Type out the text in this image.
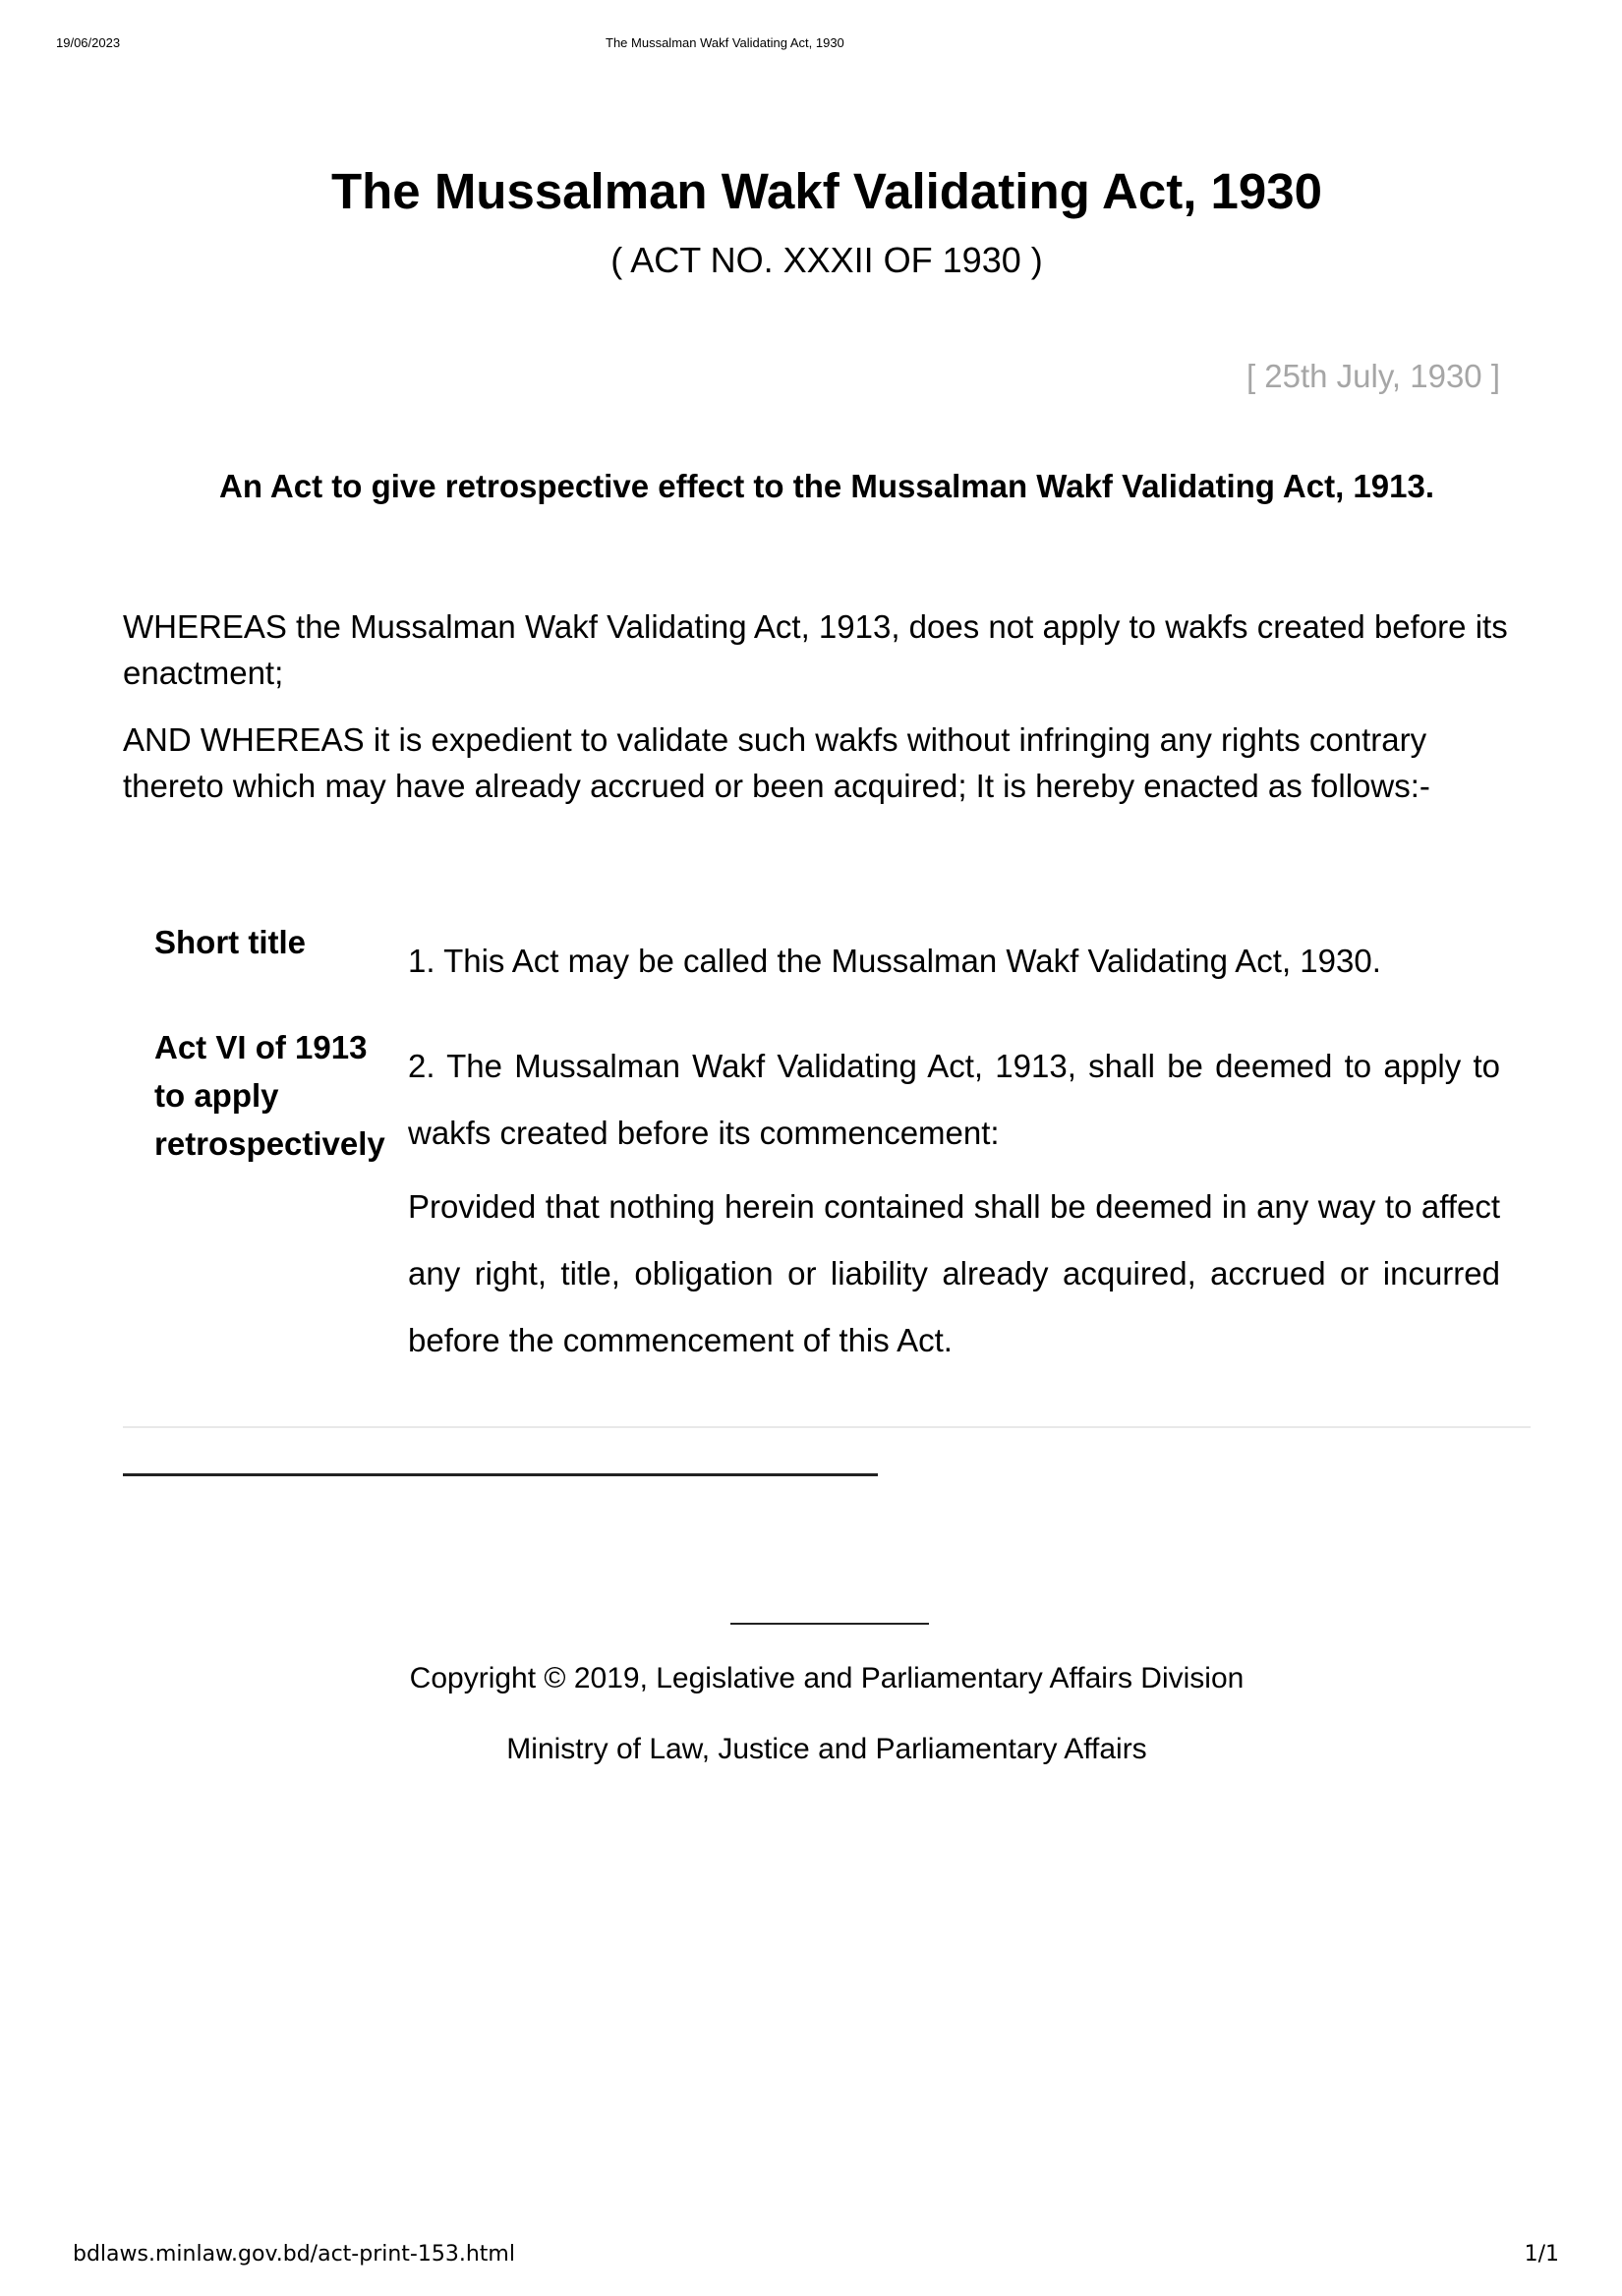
19/06/2023	The Mussalman Wakf Validating Act, 1930
The Mussalman Wakf Validating Act, 1930
( ACT NO. XXXII OF 1930 )
[ 25th July, 1930 ]
An Act to give retrospective effect to the Mussalman Wakf Validating Act, 1913.

WHEREAS the Mussalman Wakf Validating Act, 1913, does not apply to wakfs created before its enactment;

AND WHEREAS it is expedient to validate such wakfs without infringing any rights contrary thereto which may have already accrued or been acquired; It is hereby enacted as follows:-

Short title

1. This Act may be called the Mussalman Wakf Validating Act, 1930.

Act VI of 1913 to apply retrospectively

2. The Mussalman Wakf Validating Act, 1913, shall be deemed to apply to wakfs created before its commencement:

Provided that nothing herein contained shall be deemed in any way to affect any right, title, obligation or liability already acquired, accrued or incurred before the commencement of this Act.

Copyright © 2019, Legislative and Parliamentary Affairs Division
Ministry of Law, Justice and Parliamentary Affairs
bdlaws.minlaw.gov.bd/act-print-153.html	1/1
